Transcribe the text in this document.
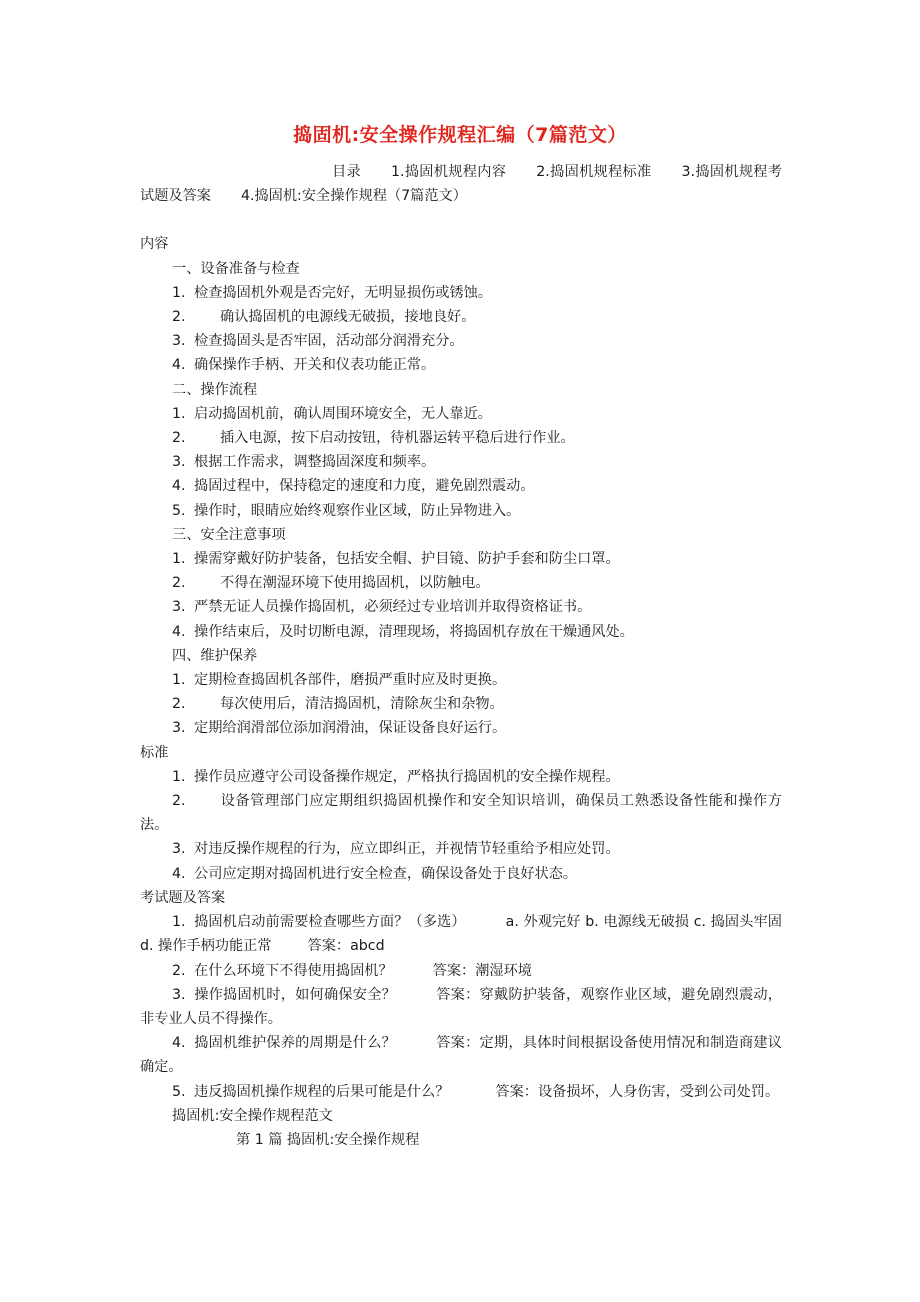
捣固机:安全操作规程汇编（7篇范文）
目录 1.捣固机规程内容 2.捣固机规程标准 3.捣固机规程考试题及答案 4.捣固机:安全操作规程（7篇范文）
内容
一、设备准备与检查
1. 检查捣固机外观是否完好，无明显损伤或锈蚀。
2. 确认捣固机的电源线无破损，接地良好。
3. 检查捣固头是否牢固，活动部分润滑充分。
4. 确保操作手柄、开关和仪表功能正常。
二、操作流程
1. 启动捣固机前，确认周围环境安全，无人靠近。
2. 插入电源，按下启动按钮，待机器运转平稳后进行作业。
3. 根据工作需求，调整捣固深度和频率。
4. 捣固过程中，保持稳定的速度和力度，避免剧烈震动。
5. 操作时，眼睛应始终观察作业区域，防止异物进入。
三、安全注意事项
1. 操需穿戴好防护装备，包括安全帽、护目镜、防护手套和防尘口罩。
2. 不得在潮湿环境下使用捣固机，以防触电。
3. 严禁无证人员操作捣固机，必须经过专业培训并取得资格证书。
4. 操作结束后，及时切断电源，清理现场，将捣固机存放在干燥通风处。
四、维护保养
1. 定期检查捣固机各部件，磨损严重时应及时更换。
2. 每次使用后，清洁捣固机，清除灰尘和杂物。
3. 定期给润滑部位添加润滑油，保证设备良好运行。
标准
1. 操作员应遵守公司设备操作规定，严格执行捣固机的安全操作规程。
2. 设备管理部门应定期组织捣固机操作和安全知识培训，确保员工熟悉设备性能和操作方法。
3. 对违反操作规程的行为，应立即纠正，并视情节轻重给予相应处罚。
4. 公司应定期对捣固机进行安全检查，确保设备处于良好状态。
考试题及答案
1. 捣固机启动前需要检查哪些方面？（多选）	a. 外观完好 b. 电源线无破损 c. 捣固头牢固 d. 操作手柄功能正常	答案：abcd
2. 在什么环境下不得使用捣固机？	答案：潮湿环境
3. 操作捣固机时，如何确保安全？	答案：穿戴防护装备，观察作业区域，避免剧烈震动，非专业人员不得操作。
4. 捣固机维护保养的周期是什么？	答案：定期，具体时间根据设备使用情况和制造商建议确定。
5. 违反捣固机操作规程的后果可能是什么？	答案：设备损坏，人身伤害，受到公司处罚。
捣固机:安全操作规程范文
第 1 篇 捣固机:安全操作规程
